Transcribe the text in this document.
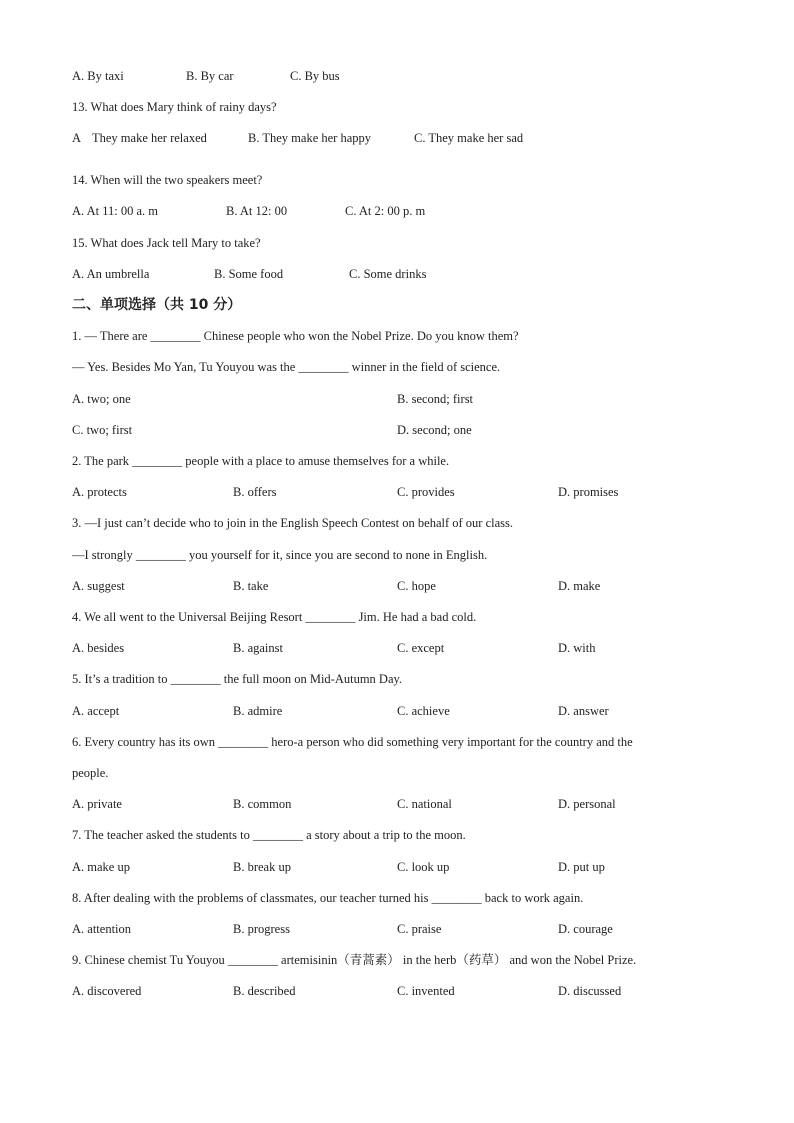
A. By taxi	B. By car	C. By bus
13. What does Mary think of rainy days?
A They make her relaxed	B. They make her happy	C. They make her sad
14. When will the two speakers meet?
A. At 11: 00 a. m	B. At 12: 00	C. At 2: 00 p. m
15. What does Jack tell Mary to take?
A. An umbrella	B. Some food	C. Some drinks
二、单项选择（共 10 分）
1. — There are ________ Chinese people who won the Nobel Prize. Do you know them?
— Yes. Besides Mo Yan, Tu Youyou was the ________ winner in the field of science.
A. two; one	B. second; first
C. two; first	D. second; one
2. The park ________ people with a place to amuse themselves for a while.
A. protects	B. offers	C. provides	D. promises
3. —I just can’t decide who to join in the English Speech Contest on behalf of our class.
—I strongly ________ you yourself for it, since you are second to none in English.
A. suggest	B. take	C. hope	D. make
4. We all went to the Universal Beijing Resort ________ Jim. He had a bad cold.
A. besides	B. against	C. except	D. with
5. It’s a tradition to ________ the full moon on Mid-Autumn Day.
A. accept	B. admire	C. achieve	D. answer
6. Every country has its own ________ hero-a person who did something very important for the country and the
people.
A. private	B. common	C. national	D. personal
7. The teacher asked the students to ________ a story about a trip to the moon.
A. make up	B. break up	C. look up	D. put up
8. After dealing with the problems of classmates, our teacher turned his ________ back to work again.
A. attention	B. progress	C. praise	D. courage
9. Chinese chemist Tu Youyou ________ artemisinin（青蒿素） in the herb（药草） and won the Nobel Prize.
A. discovered	B. described	C. invented	D. discussed
